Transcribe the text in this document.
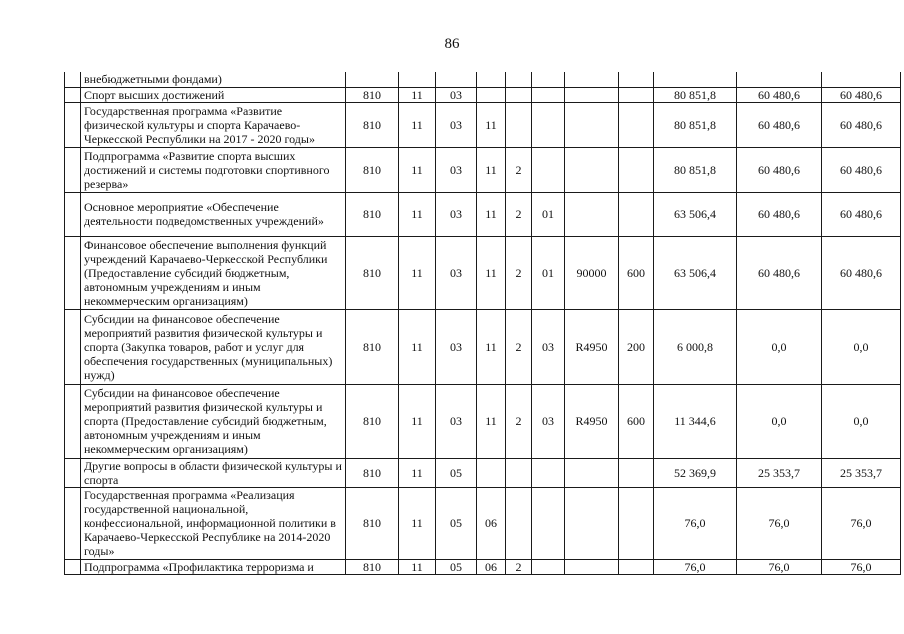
86
	внебюджетными фондами)											
	Спорт высших достижений	810	11	03						80 851,8	60 480,6	60 480,6
	Государственная программа «Развитие физической культуры и спорта Карачаево-Черкесской Республики на 2017 - 2020 годы»	810	11	03	11					80 851,8	60 480,6	60 480,6
	Подпрограмма «Развитие спорта высших достижений и системы подготовки спортивного резерва»	810	11	03	11	2				80 851,8	60 480,6	60 480,6
	Основное мероприятие «Обеспечение деятельности подведомственных учреждений»	810	11	03	11	2	01			63 506,4	60 480,6	60 480,6
	Финансовое обеспечение выполнения функций учреждений Карачаево-Черкесской Республики (Предоставление субсидий бюджетным, автономным учреждениям и иным некоммерческим организациям)	810	11	03	11	2	01	90000	600	63 506,4	60 480,6	60 480,6
	Субсидии на финансовое обеспечение мероприятий развития физической культуры и спорта (Закупка товаров, работ и услуг для обеспечения государственных (муниципальных) нужд)	810	11	03	11	2	03	R4950	200	6 000,8	0,0	0,0
	Субсидии на финансовое обеспечение мероприятий развития физической культуры и спорта (Предоставление субсидий бюджетным, автономным учреждениям и иным некоммерческим организациям)	810	11	03	11	2	03	R4950	600	11 344,6	0,0	0,0
	Другие вопросы в области физической культуры и спорта	810	11	05						52 369,9	25 353,7	25 353,7
	Государственная программа «Реализация государственной национальной, конфессиональной, информационной политики в Карачаево-Черкесской Республике на 2014-2020 годы»	810	11	05	06					76,0	76,0	76,0
	Подпрограмма «Профилактика терроризма и	810	11	05	06	2				76,0	76,0	76,0
